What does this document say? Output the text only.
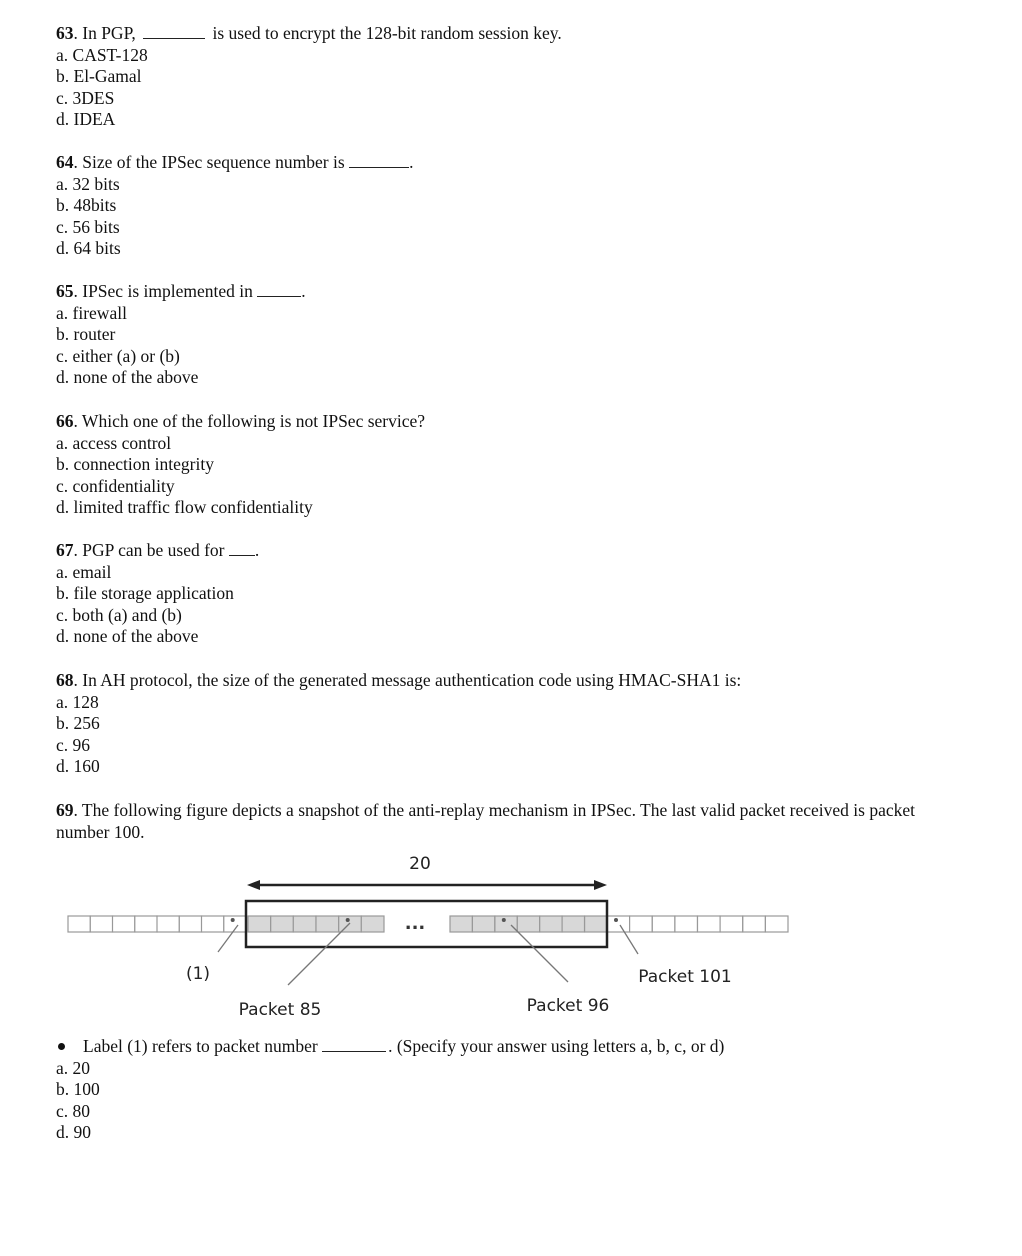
63. In PGP,	is used to encrypt the 128-bit random session key.
a. CAST-128
b. El-Gamal
c. 3DES
d. IDEA
64. Size of the IPSec sequence number is	.
a. 32 bits
b. 48bits
c. 56 bits
d. 64 bits
65. IPSec is implemented in	.
a. firewall
b. router
c. either (a) or (b)
d. none of the above
66. Which one of the following is not IPSec service?
a. access control
b. connection integrity
c. confidentiality
d. limited traffic flow confidentiality
67. PGP can be used for .
a. email
b. file storage application
c. both (a) and (b)
d. none of the above
68. In AH protocol, the size of the generated message authentication code using HMAC-SHA1 is:
a. 128
b. 256
c. 96
d. 160
69. The following figure depicts a snapshot of the anti-replay mechanism in IPSec. The last valid packet received is packet number 100.
20
...
(1)
Packet 85	Packet 96
Packet 101
Label (1) refers to packet number	. (Specify your answer using letters a, b, c, or d)
a. 20
b. 100
c. 80
d. 90
